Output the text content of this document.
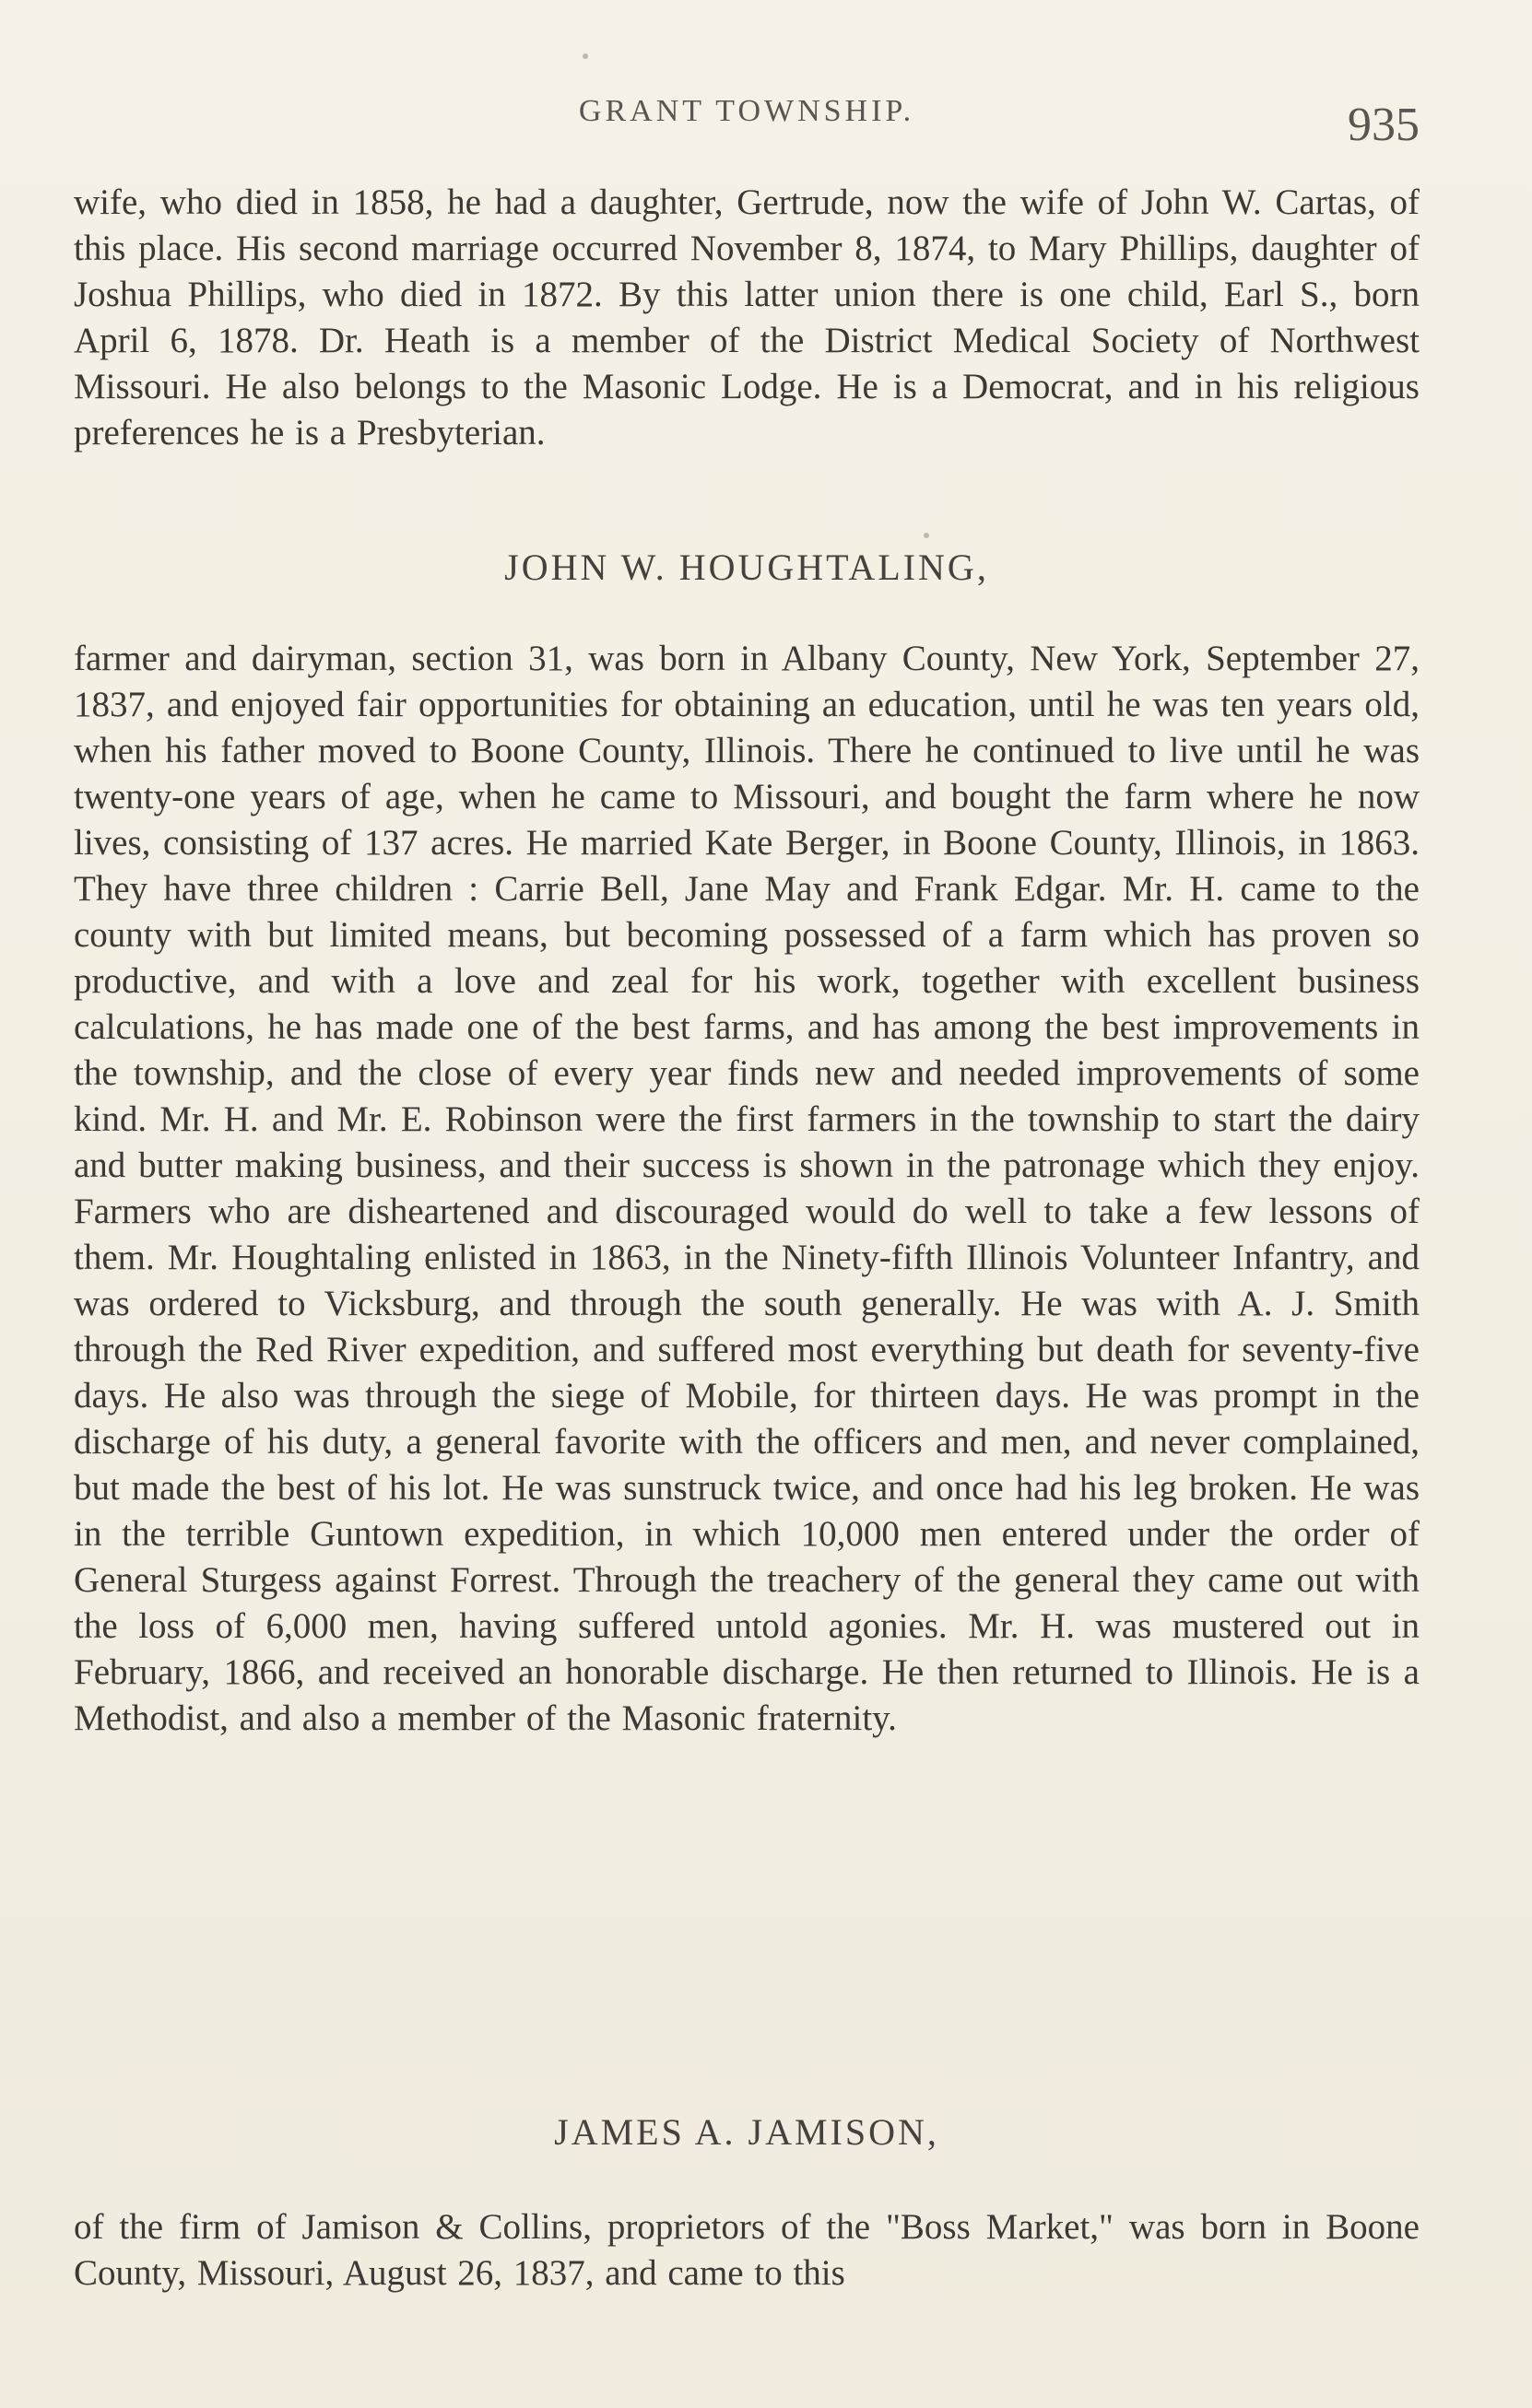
GRANT TOWNSHIP.	935

wife, who died in 1858, he had a daughter, Gertrude, now the wife of John W. Cartas, of this place. His second marriage occurred November 8, 1874, to Mary Phillips, daughter of Joshua Phillips, who died in 1872. By this latter union there is one child, Earl S., born April 6, 1878. Dr. Heath is a member of the District Medical Society of Northwest Missouri. He also belongs to the Masonic Lodge. He is a Democrat, and in his religious preferences he is a Presbyterian.

JOHN W. HOUGHTALING,

farmer and dairyman, section 31, was born in Albany County, New York, September 27, 1837, and enjoyed fair opportunities for obtaining an education, until he was ten years old, when his father moved to Boone County, Illinois. There he continued to live until he was twenty-one years of age, when he came to Missouri, and bought the farm where he now lives, consisting of 137 acres. He married Kate Berger, in Boone County, Illinois, in 1863. They have three children : Carrie Bell, Jane May and Frank Edgar. Mr. H. came to the county with but limited means, but becoming possessed of a farm which has proven so productive, and with a love and zeal for his work, together with excellent business calculations, he has made one of the best farms, and has among the best improvements in the township, and the close of every year finds new and needed improvements of some kind. Mr. H. and Mr. E. Robinson were the first farmers in the township to start the dairy and butter making business, and their success is shown in the patronage which they enjoy. Farmers who are disheartened and discouraged would do well to take a few lessons of them. Mr. Houghtaling enlisted in 1863, in the Ninety-fifth Illinois Volunteer Infantry, and was ordered to Vicksburg, and through the south generally. He was with A. J. Smith through the Red River expedition, and suffered most everything but death for seventy-five days. He also was through the siege of Mobile, for thirteen days. He was prompt in the discharge of his duty, a general favorite with the officers and men, and never complained, but made the best of his lot. He was sunstruck twice, and once had his leg broken. He was in the terrible Guntown expedition, in which 10,000 men entered under the order of General Sturgess against Forrest. Through the treachery of the general they came out with the loss of 6,000 men, having suffered untold agonies. Mr. H. was mustered out in February, 1866, and received an honorable discharge. He then returned to Illinois. He is a Methodist, and also a member of the Masonic fraternity.

JAMES A. JAMISON,

of the firm of Jamison & Collins, proprietors of the "Boss Market," was born in Boone County, Missouri, August 26, 1837, and came to this
